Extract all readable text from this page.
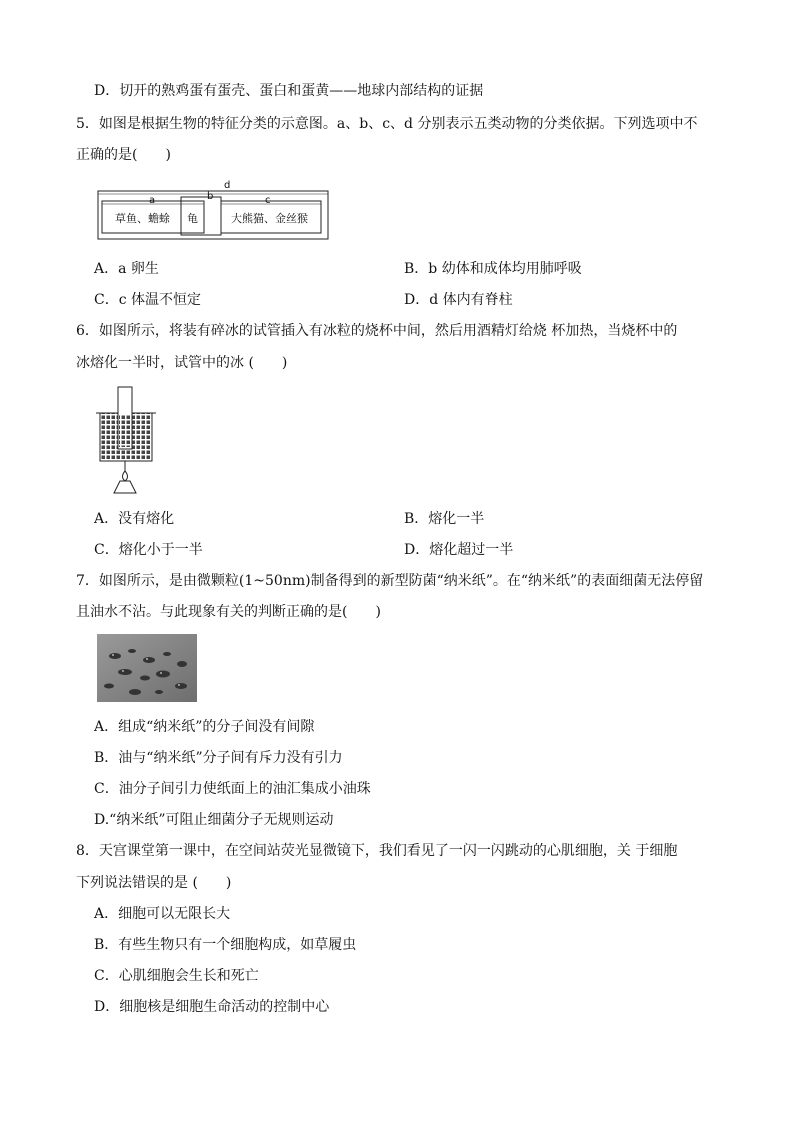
D．切开的熟鸡蛋有蛋壳、蛋白和蛋黄——地球内部结构的证据
5．如图是根据生物的特征分类的示意图。a、b、c、d 分别表示五类动物的分类依据。下列选项中不
正确的是(　　)
d
a	b	c
草鱼、蟾蜍 龟	大熊猫、金丝猴
A．a 卵生	B．b 幼体和成体均用肺呼吸
C．c 体温不恒定	D．d 体内有脊柱
6．如图所示，将装有碎冰的试管插入有冰粒的烧杯中间，然后用酒精灯给烧 杯加热，当烧杯中的
冰熔化一半时，试管中的冰 (　　)
A．没有熔化	B．熔化一半
C．熔化小于一半	D．熔化超过一半
7．如图所示，是由微颗粒(1~50nm)制备得到的新型防菌“纳米纸”。在“纳米纸”的表面细菌无法停留
且油水不沾。与此现象有关的判断正确的是(　　)
A．组成“纳米纸”的分子间没有间隙
B．油与“纳米纸”分子间有斥力没有引力
C．油分子间引力使纸面上的油汇集成小油珠
D.“纳米纸”可阻止细菌分子无规则运动
8．天宫课堂第一课中，在空间站荧光显微镜下，我们看见了一闪一闪跳动的心肌细胞，关 于细胞
下列说法错误的是 (　　)
A．细胞可以无限长大
B．有些生物只有一个细胞构成，如草履虫
C．心肌细胞会生长和死亡
D．细胞核是细胞生命活动的控制中心
